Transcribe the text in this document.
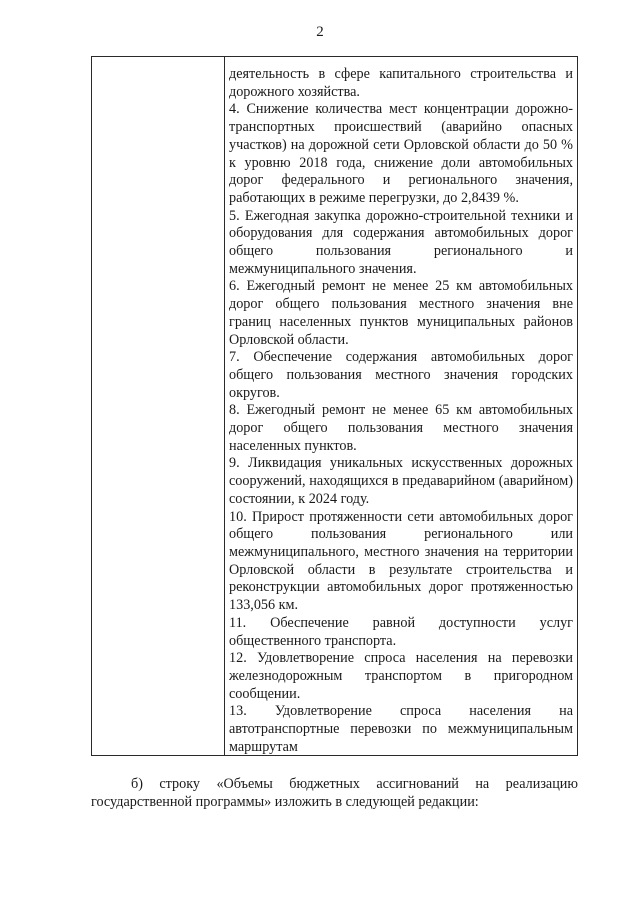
2

деятельность в сфере капитального строительства и дорожного хозяйства.

4. Снижение количества мест концентрации дорожно-транспортных происшествий (аварийно опасных участков) на дорожной сети Орловской области до 50 % к уровню 2018 года, снижение доли автомобильных дорог федерального и регионального значения, работающих в режиме перегрузки, до 2,8439 %.

5. Ежегодная закупка дорожно-строительной техники и оборудования для содержания автомобильных дорог общего пользования регионального и межмуниципального значения.

6. Ежегодный ремонт не менее 25 км автомобильных дорог общего пользования местного значения вне границ населенных пунктов муниципальных районов Орловской области.

7. Обеспечение содержания автомобильных дорог общего пользования местного значения городских округов.

8. Ежегодный ремонт не менее 65 км автомобильных дорог общего пользования местного значения населенных пунктов.

9. Ликвидация уникальных искусственных дорожных сооружений, находящихся в предаварийном (аварийном) состоянии, к 2024 году.

10. Прирост протяженности сети автомобильных дорог общего пользования регионального или межмуниципального, местного значения на территории Орловской области в результате строительства и реконструкции автомобильных дорог протяженностью 133,056 км.

11. Обеспечение равной доступности услуг общественного транспорта.

12. Удовлетворение спроса населения на перевозки железнодорожным транспортом в пригородном сообщении.

13. Удовлетворение спроса населения на автотранспортные перевозки по межмуниципальным маршрутам

б) строку «Объемы бюджетных ассигнований на реализацию государственной программы» изложить в следующей редакции:
